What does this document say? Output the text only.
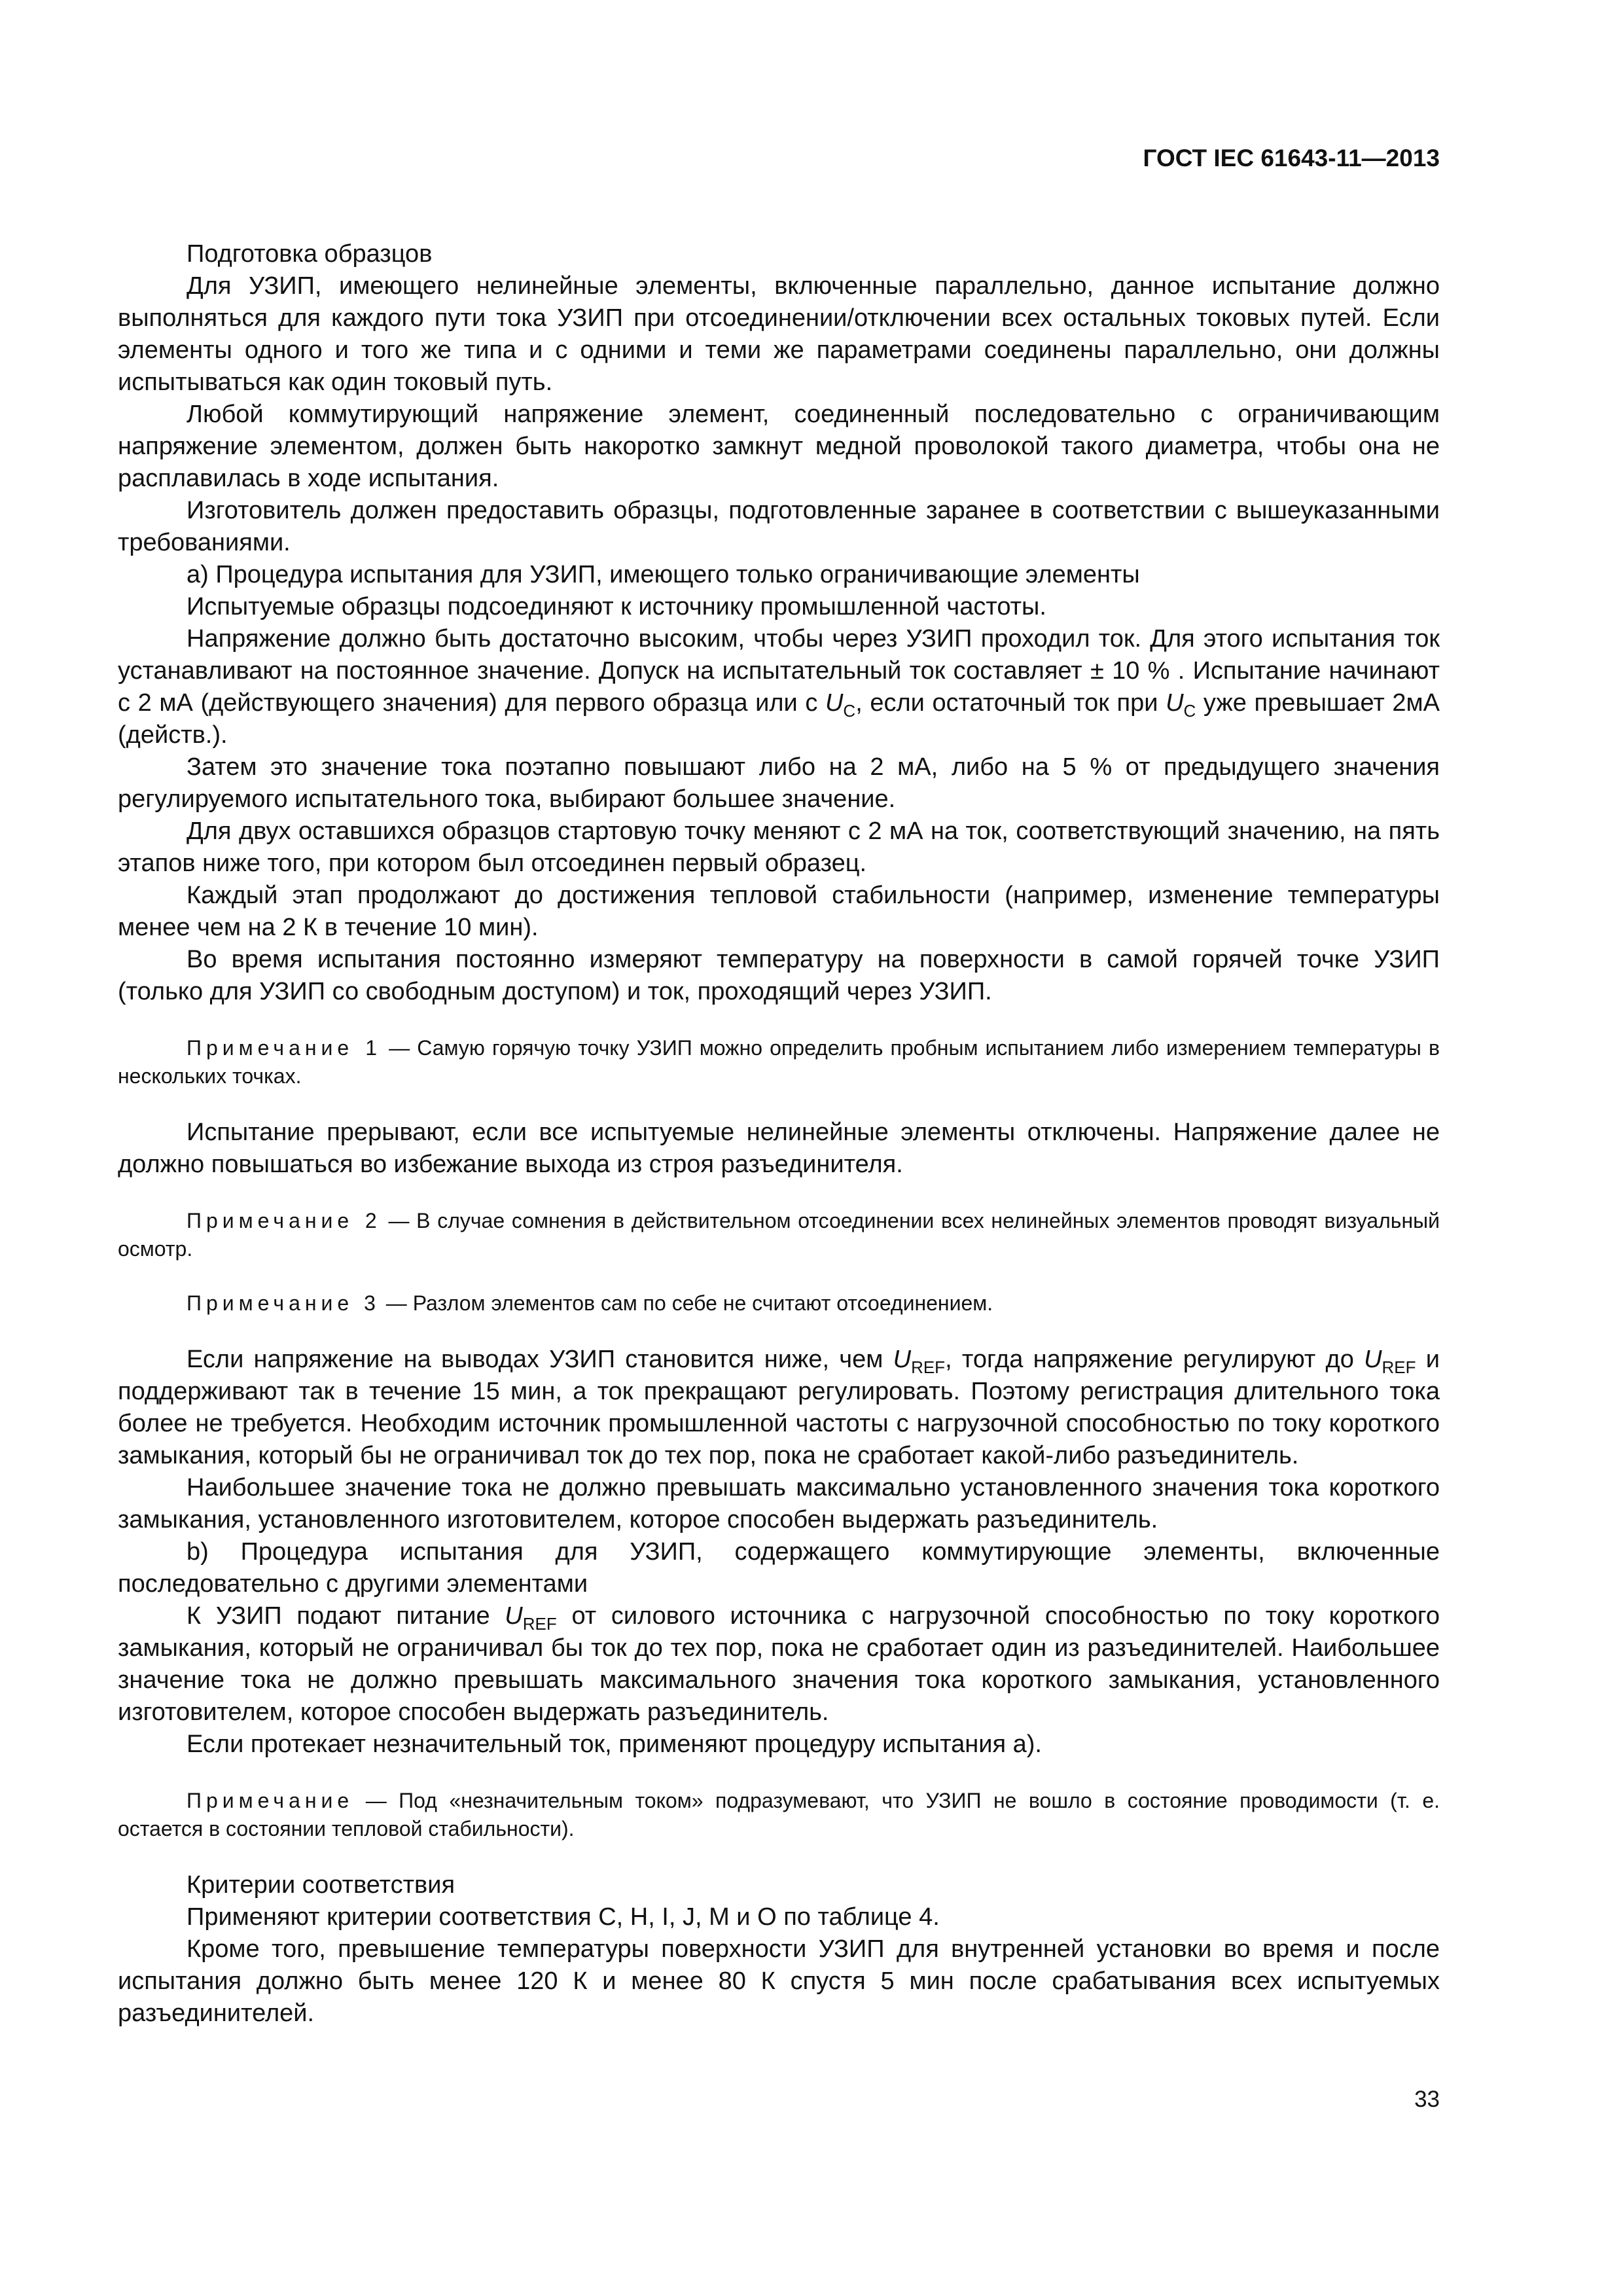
ГОСТ IEC 61643-11—2013

Подготовка образцов

Для УЗИП, имеющего нелинейные элементы, включенные параллельно, данное испытание должно выполняться для каждого пути тока УЗИП при отсоединении/отключении всех остальных токовых путей. Если элементы одного и того же типа и с одними и теми же параметрами соединены параллельно, они должны испытываться как один токовый путь.

Любой коммутирующий напряжение элемент, соединенный последовательно с ограничивающим напряжение элементом, должен быть накоротко замкнут медной проволокой такого диаметра, чтобы она не расплавилась в ходе испытания.

Изготовитель должен предоставить образцы, подготовленные заранее в соответствии с вышеуказанными требованиями.

а) Процедура испытания для УЗИП, имеющего только ограничивающие элементы

Испытуемые образцы подсоединяют к источнику промышленной частоты.

Напряжение должно быть достаточно высоким, чтобы через УЗИП проходил ток. Для этого испытания ток устанавливают на постоянное значение. Допуск на испытательный ток составляет ± 10 % . Испытание начинают с 2 мА (действующего значения) для первого образца или с $U_C$, если остаточный ток при $U_C$ уже превышает 2мА (действ.).

Затем это значение тока поэтапно повышают либо на 2 мА, либо на 5 % от предыдущего значения регулируемого испытательного тока, выбирают большее значение.

Для двух оставшихся образцов стартовую точку меняют с 2 мА на ток, соответствующий значению, на пять этапов ниже того, при котором был отсоединен первый образец.

Каждый этап продолжают до достижения тепловой стабильности (например, изменение температуры менее чем на 2 К в течение 10 мин).

Во время испытания постоянно измеряют температуру на поверхности в самой горячей точке УЗИП (только для УЗИП со свободным доступом) и ток, проходящий через УЗИП.

Примечание 1 — Самую горячую точку УЗИП можно определить пробным испытанием либо измерением температуры в нескольких точках.

Испытание прерывают, если все испытуемые нелинейные элементы отключены. Напряжение далее не должно повышаться во избежание выхода из строя разъединителя.

Примечание 2 — В случае сомнения в действительном отсоединении всех нелинейных элементов проводят визуальный осмотр.

Примечание 3 — Разлом элементов сам по себе не считают отсоединением.

Если напряжение на выводах УЗИП становится ниже, чем $U_{REF}$, тогда напряжение регулируют до $U_{REF}$ и поддерживают так в течение 15 мин, а ток прекращают регулировать. Поэтому регистрация длительного тока более не требуется. Необходим источник промышленной частоты с нагрузочной способностью по току короткого замыкания, который бы не ограничивал ток до тех пор, пока не сработает какой-либо разъединитель.

Наибольшее значение тока не должно превышать максимально установленного значения тока короткого замыкания, установленного изготовителем, которое способен выдержать разъединитель.

b) Процедура испытания для УЗИП, содержащего коммутирующие элементы, включенные последовательно с другими элементами

К УЗИП подают питание $U_{REF}$ от силового источника с нагрузочной способностью по току короткого замыкания, который не ограничивал бы ток до тех пор, пока не сработает один из разъединителей. Наибольшее значение тока не должно превышать максимального значения тока короткого замыкания, установленного изготовителем, которое способен выдержать разъединитель.

Если протекает незначительный ток, применяют процедуру испытания а).

Примечание — Под «незначительным током» подразумевают, что УЗИП не вошло в состояние проводимости (т. е. остается в состоянии тепловой стабильности).

Критерии соответствия

Применяют критерии соответствия C, H, I, J, M и O по таблице 4.

Кроме того, превышение температуры поверхности УЗИП для внутренней установки во время и после испытания должно быть менее 120 К и менее 80 К спустя 5 мин после срабатывания всех испытуемых разъединителей.

33
